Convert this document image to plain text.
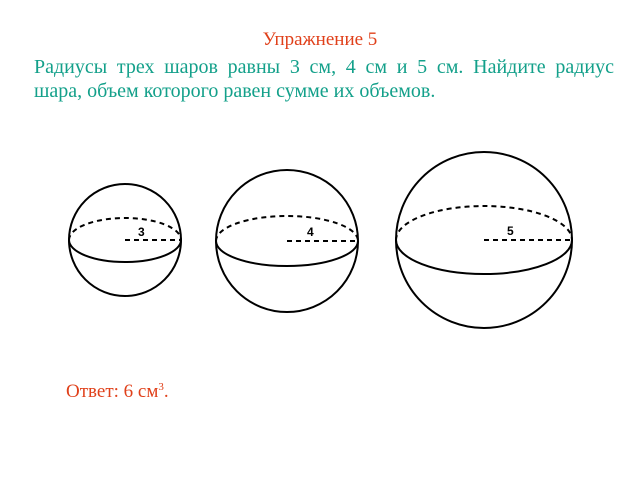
Упражнение 5
Радиусы трех шаров равны 3 см, 4 см и 5 см. Найдите радиус
шара, объем которого равен сумме их объемов.
3	4	5
Ответ: 6 $см^3$.
